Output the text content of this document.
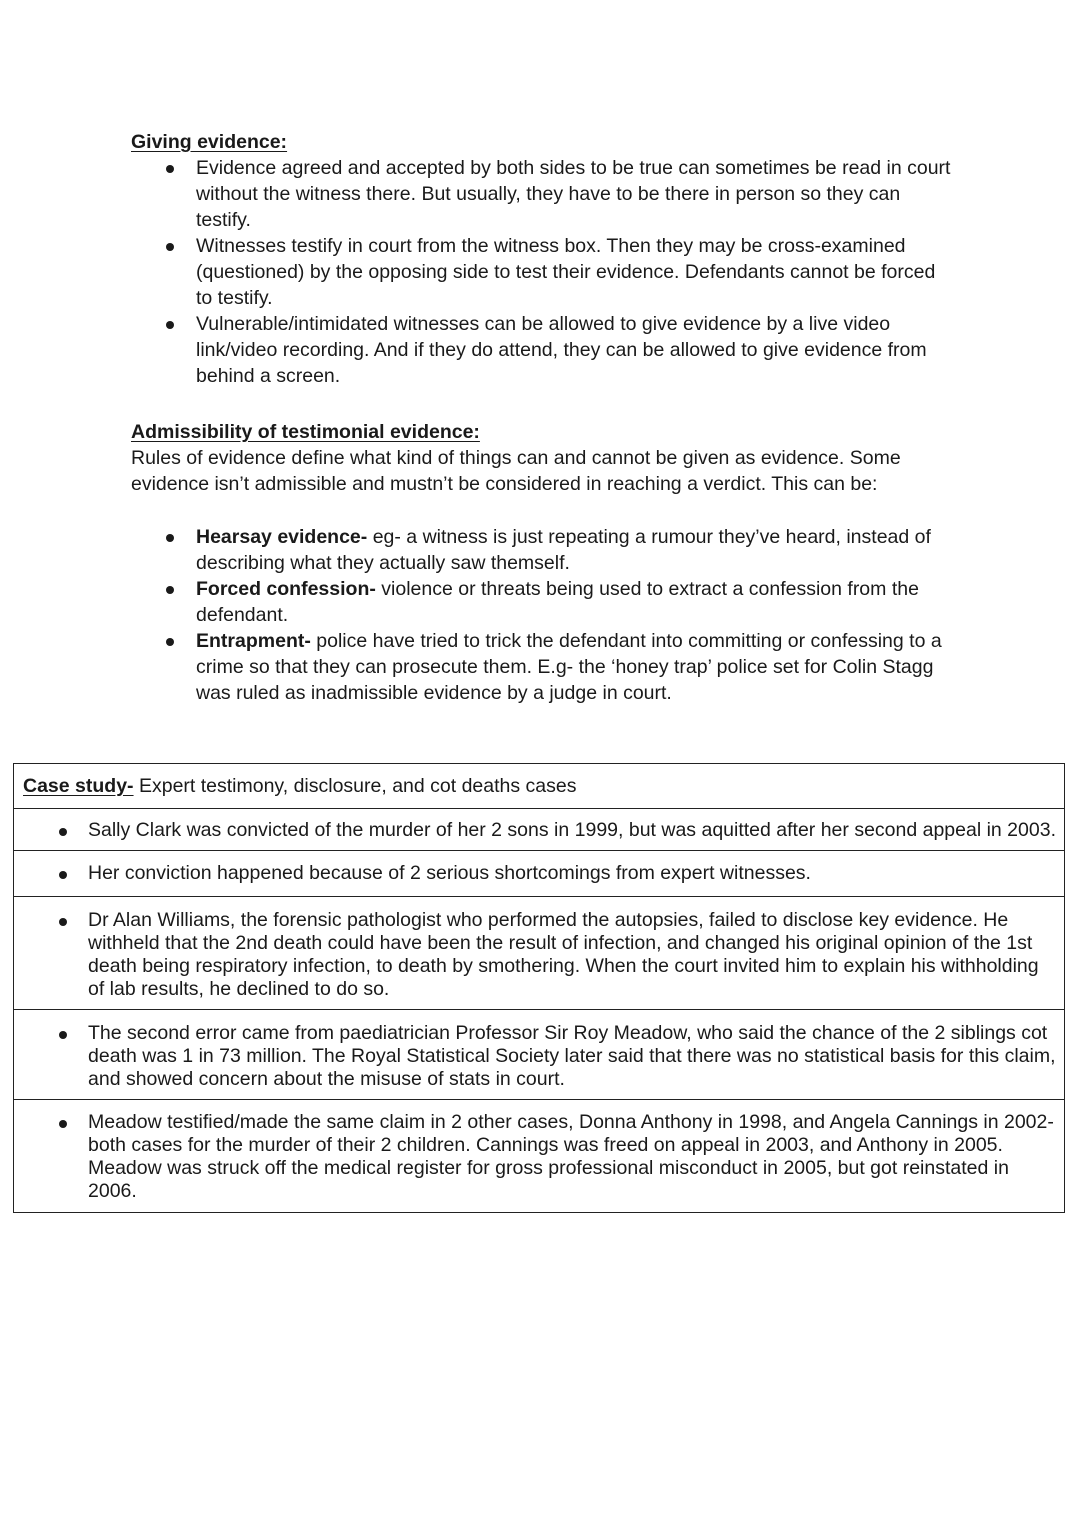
Giving evidence:
Evidence agreed and accepted by both sides to be true can sometimes be read in court without the witness there. But usually, they have to be there in person so they can testify.
Witnesses testify in court from the witness box. Then they may be cross-examined (questioned) by the opposing side to test their evidence. Defendants cannot be forced to testify.
Vulnerable/intimidated witnesses can be allowed to give evidence by a live video link/video recording. And if they do attend, they can be allowed to give evidence from behind a screen.
Admissibility of testimonial evidence:
Rules of evidence define what kind of things can and cannot be given as evidence. Some evidence isn’t admissible and mustn’t be considered in reaching a verdict. This can be:
Hearsay evidence- eg- a witness is just repeating a rumour they’ve heard, instead of describing what they actually saw themself.
Forced confession- violence or threats being used to extract a confession from the defendant.
Entrapment- police have tried to trick the defendant into committing or confessing to a crime so that they can prosecute them. E.g- the ‘honey trap’ police set for Colin Stagg was ruled as inadmissible evidence by a judge in court.
Case study- Expert testimony, disclosure, and cot deaths cases
Sally Clark was convicted of the murder of her 2 sons in 1999, but was aquitted after her second appeal in 2003.
Her conviction happened because of 2 serious shortcomings from expert witnesses.
Dr Alan Williams, the forensic pathologist who performed the autopsies, failed to disclose key evidence. He withheld that the 2nd death could have been the result of infection, and changed his original opinion of the 1st death being respiratory infection, to death by smothering. When the court invited him to explain his withholding of lab results, he declined to do so.
The second error came from paediatrician Professor Sir Roy Meadow, who said the chance of the 2 siblings cot death was 1 in 73 million. The Royal Statistical Society later said that there was no statistical basis for this claim, and showed concern about the misuse of stats in court.
Meadow testified/made the same claim in 2 other cases, Donna Anthony in 1998, and Angela Cannings in 2002- both cases for the murder of their 2 children. Cannings was freed on appeal in 2003, and Anthony in 2005. Meadow was struck off the medical register for gross professional misconduct in 2005, but got reinstated in 2006.
